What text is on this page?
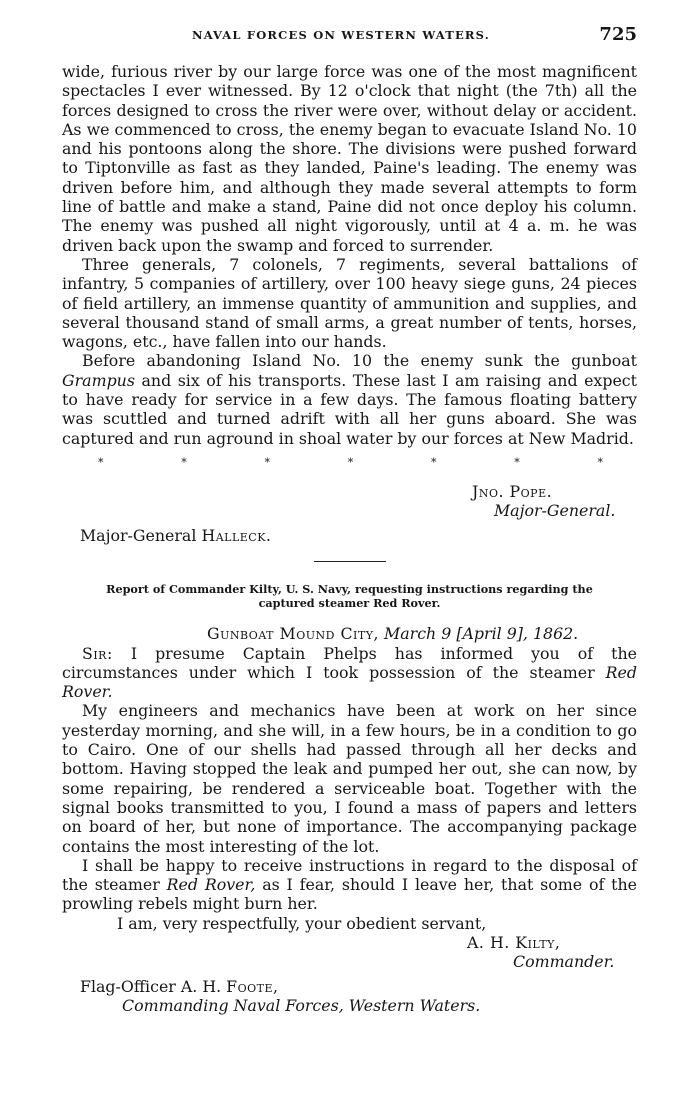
NAVAL FORCES ON WESTERN WATERS.	725

wide, furious river by our large force was one of the most magnificent spectacles I ever witnessed. By 12 o'clock that night (the 7th) all the forces designed to cross the river were over, without delay or accident. As we commenced to cross, the enemy began to evacuate Island No. 10 and his pontoons along the shore. The divisions were pushed forward to Tiptonville as fast as they landed, Paine's leading. The enemy was driven before him, and although they made several attempts to form line of battle and make a stand, Paine did not once deploy his column. The enemy was pushed all night vigorously, until at 4 a. m. he was driven back upon the swamp and forced to surrender.

Three generals, 7 colonels, 7 regiments, several battalions of infantry, 5 companies of artillery, over 100 heavy siege guns, 24 pieces of field artillery, an immense quantity of ammunition and supplies, and several thousand stand of small arms, a great number of tents, horses, wagons, etc., have fallen into our hands.

Before abandoning Island No. 10 the enemy sunk the gunboat Grampus and six of his transports. These last I am raising and expect to have ready for service in a few days. The famous floating battery was scuttled and turned adrift with all her guns aboard. She was captured and run aground in shoal water by our forces at New Madrid.

*	*	*	*	*	*	*
Jno. Pope.
Major-General.
Major-General Halleck.
Report of Commander Kilty, U. S. Navy, requesting instructions regarding the
captured steamer Red Rover.
Gunboat Mound City, March 9 [April 9], 1862.

Sir: I presume Captain Phelps has informed you of the circumstances under which I took possession of the steamer Red Rover.

My engineers and mechanics have been at work on her since yesterday morning, and she will, in a few hours, be in a condition to go to Cairo. One of our shells had passed through all her decks and bottom. Having stopped the leak and pumped her out, she can now, by some repairing, be rendered a serviceable boat. Together with the signal books transmitted to you, I found a mass of papers and letters on board of her, but none of importance. The accompanying package contains the most interesting of the lot.

I shall be happy to receive instructions in regard to the disposal of the steamer Red Rover, as I fear, should I leave her, that some of the prowling rebels might burn her.

I am, very respectfully, your obedient servant,

A. H. Kilty,
Commander.
Flag-Officer A. H. Foote,
Commanding Naval Forces, Western Waters.
